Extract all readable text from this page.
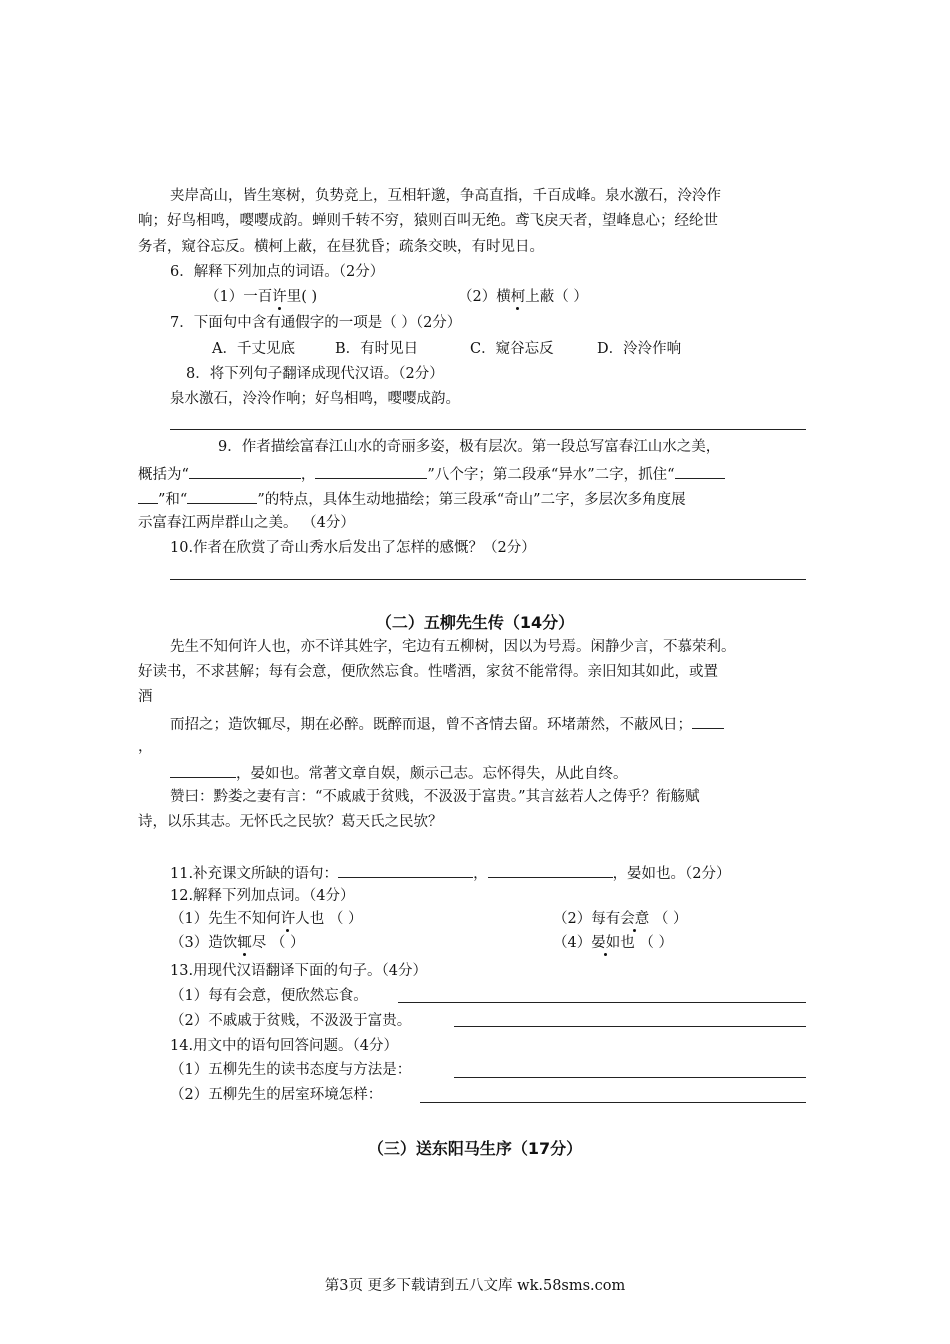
夹岸高山，皆生寒树，负势竞上，互相轩邈，争高直指，千百成峰。泉水激石，泠泠作
响；好鸟相鸣，嘤嘤成韵。蝉则千转不穷，猿则百叫无绝。鸢飞戾天者，望峰息心；经纶世
务者，窥谷忘反。横柯上蔽，在昼犹昏；疏条交映，有时见日。
6．解释下列加点的词语。（2分）
（1）一百许里( )	（2）横柯上蔽（ ）
7．下面句中含有通假字的一项是（ ）（2分）
A．千丈见底	B．有时见日	C．窥谷忘反	D．泠泠作响
8．将下列句子翻译成现代汉语。（2分）
泉水激石，泠泠作响；好鸟相鸣，嘤嘤成韵。
9．作者描绘富春江山水的奇丽多姿，极有层次。第一段总写富春江山水之美，
概括为“	，	”八个字；第二段承“异水”二字，抓住“
”和“	”的特点，具体生动地描绘；第三段承“奇山”二字，多层次多角度展
示富春江两岸群山之美。 （4分）
10.作者在欣赏了奇山秀水后发出了怎样的感慨？（2分）
（二）五柳先生传（14分）
先生不知何许人也，亦不详其姓字，宅边有五柳树，因以为号焉。闲静少言，不慕荣利。
好读书，不求甚解；每有会意，便欣然忘食。性嗜酒，家贫不能常得。亲旧知其如此，或置
酒
而招之；造饮辄尽，期在必醉。既醉而退，曾不吝情去留。环堵萧然，不蔽风日；
，
，晏如也。常著文章自娱，颇示己志。忘怀得失，从此自终。
赞曰：黔娄之妻有言：“不戚戚于贫贱，不汲汲于富贵。”其言兹若人之俦乎？衔觞赋
诗，以乐其志。无怀氏之民欤？葛天氏之民欤？
11.补充课文所缺的语句：	，	，晏如也。（2分）
12.解释下列加点词。（4分）
（1）先生不知何许人也 （ ）	（2）每有会意 （ ）
（3）造饮辄尽 （ ）	（4）晏如也 （ ）
13.用现代汉语翻译下面的句子。（4分）
（1）每有会意，便欣然忘食。
（2）不戚戚于贫贱，不汲汲于富贵。
14.用文中的语句回答问题。（4分）
（1）五柳先生的读书态度与方法是：
（2）五柳先生的居室环境怎样：
（三）送东阳马生序（17分）
第3页 更多下载请到五八文库 wk.58sms.com
